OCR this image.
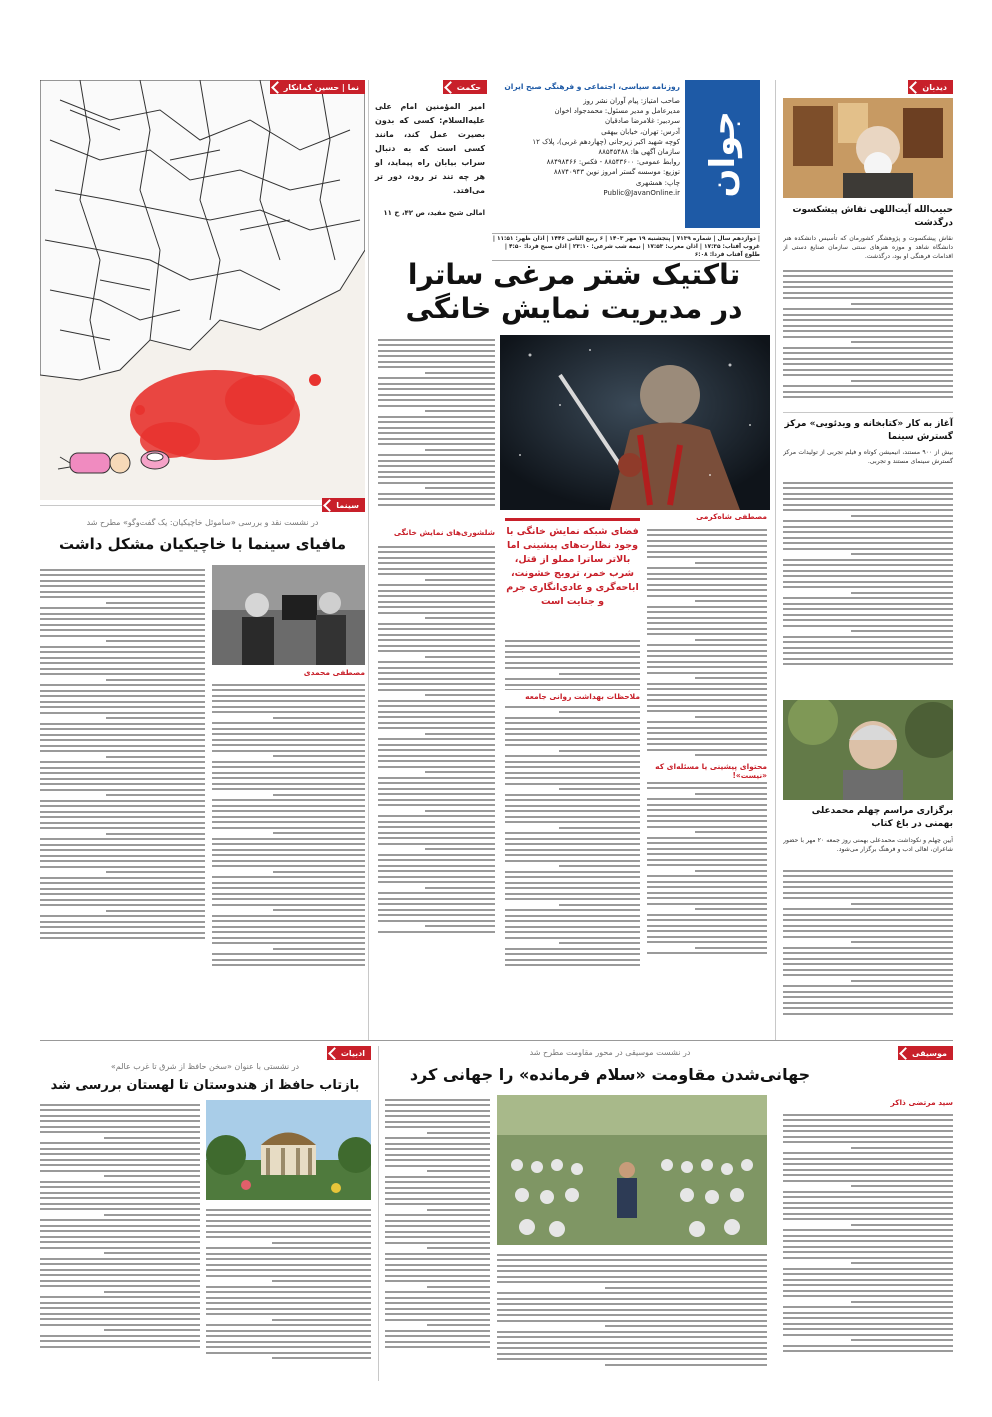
نما | حسین کمانکار	حکمت
امیر المؤمنین امام علی علیه‌السلام: کسی که بدون بصیرت عمل کند، مانند کسی است که به دنبال سراب بیابان راه پیماید، او هر چه تند تر رود، دور تر می‌افتد.
امالی شیخ مفید، ص ۴۲، ح ۱۱
روزنامه سیاسی، اجتماعی و فرهنگی صبح ایران
صاحب امتیاز: پیام آوران نشر روز
مدیرعامل و مدیر مسئول: محمدجواد اخوان
سردبیر: غلامرضا صادقیان
آدرس: تهران، خیابان بیهقی
کوچه شهید اکبر زیرجانی (چهاردهم غربی)، پلاک ۱۲
سازمان آگهی ها: ۸۸۵۴۵۴۸۸
روابط عمومی: ۸۸۵۴۳۶۰۰ - فکس: ۸۸۴۹۸۴۶۶
توزیع: موسسه گستر امروز نوین ۸۸۷۴۰۹۴۳
چاپ: همشهری
Public@JavanOnline.ir جوان
| دوازدهم سال | شماره ۷۱۳۹ | پنجشنبه ۱۹ مهر ۱۴۰۳ | ۶ ربیع الثانی ۱۴۴۶ | اذان ظهر: ۱۱:۵۱ | غروب آفتاب: ۱۷:۳۵ | اذان مغرب: ۱۷:۵۳ | نیمه شب شرعی: ۲۳:۱۰ | اذان صبح فردا: ۴:۵۰ | طلوع آفتاب فردا: ۶:۰۸
دیدبان
حبیب‌الله آیت‌اللهی نقاش پیشکسوت درگذشت
نقاش پیشکسوت و پژوهشگر کشورمان که تأسیس دانشکده هنر دانشگاه شاهد و موزه هنرهای سنتی سازمان صنایع دستی از اقدامات فرهنگی او بود، درگذشت.
آغاز به کار «کتابخانه و ویدئویی» مرکز گسترش سینما
بیش از ۹۰۰ مستند، انیمیشن کوتاه و فیلم تجربی از تولیدات مرکز گسترش سینمای مستند و تجربی.
برگزاری مراسم چهلم محمدعلی بهمنی در باغ کتاب
آیین چهلم و نکوداشت محمدعلی بهمنی روز جمعه ۲۰ مهر با حضور شاعران، اهالی ادب و فرهنگ برگزار می‌شود.
تاکتیک شتر مرغی ساترا
در مدیریت نمایش خانگی
مصطفی شاه‌کرمی
محتوای پیشینی یا مسئله‌ای که «نیست»!
فضای شبکه نمایش خانگی با وجود نظارت‌های پیشینی اما بالاتر ساترا مملو از قتل، شرب خمر، ترویج خشونت، ابا‌حه‌گری و عادی‌انگاری جرم و جنایت است
ملاحظات بهداشت روانی جامعه
شلشوری‌های نمایش خانگی
سینما
در نشست نقد و بررسی «ساموئل خاچیکیان: یک گفت‌وگو» مطرح شد
مافیای سینما با خاچیکیان مشکل داشت
مصطفی محمدی
موسیقی
در نشست موسیقی در محور مقاومت مطرح شد
جهانی‌شدن مقاومت «سلام فرمانده» را جهانی کرد
سید مرتضی ذاکر
ادبیات
در نشستی با عنوان «سخن حافظ از شرق تا غرب عالم»
بازتاب حافظ از هندوستان تا لهستان بررسی شد
